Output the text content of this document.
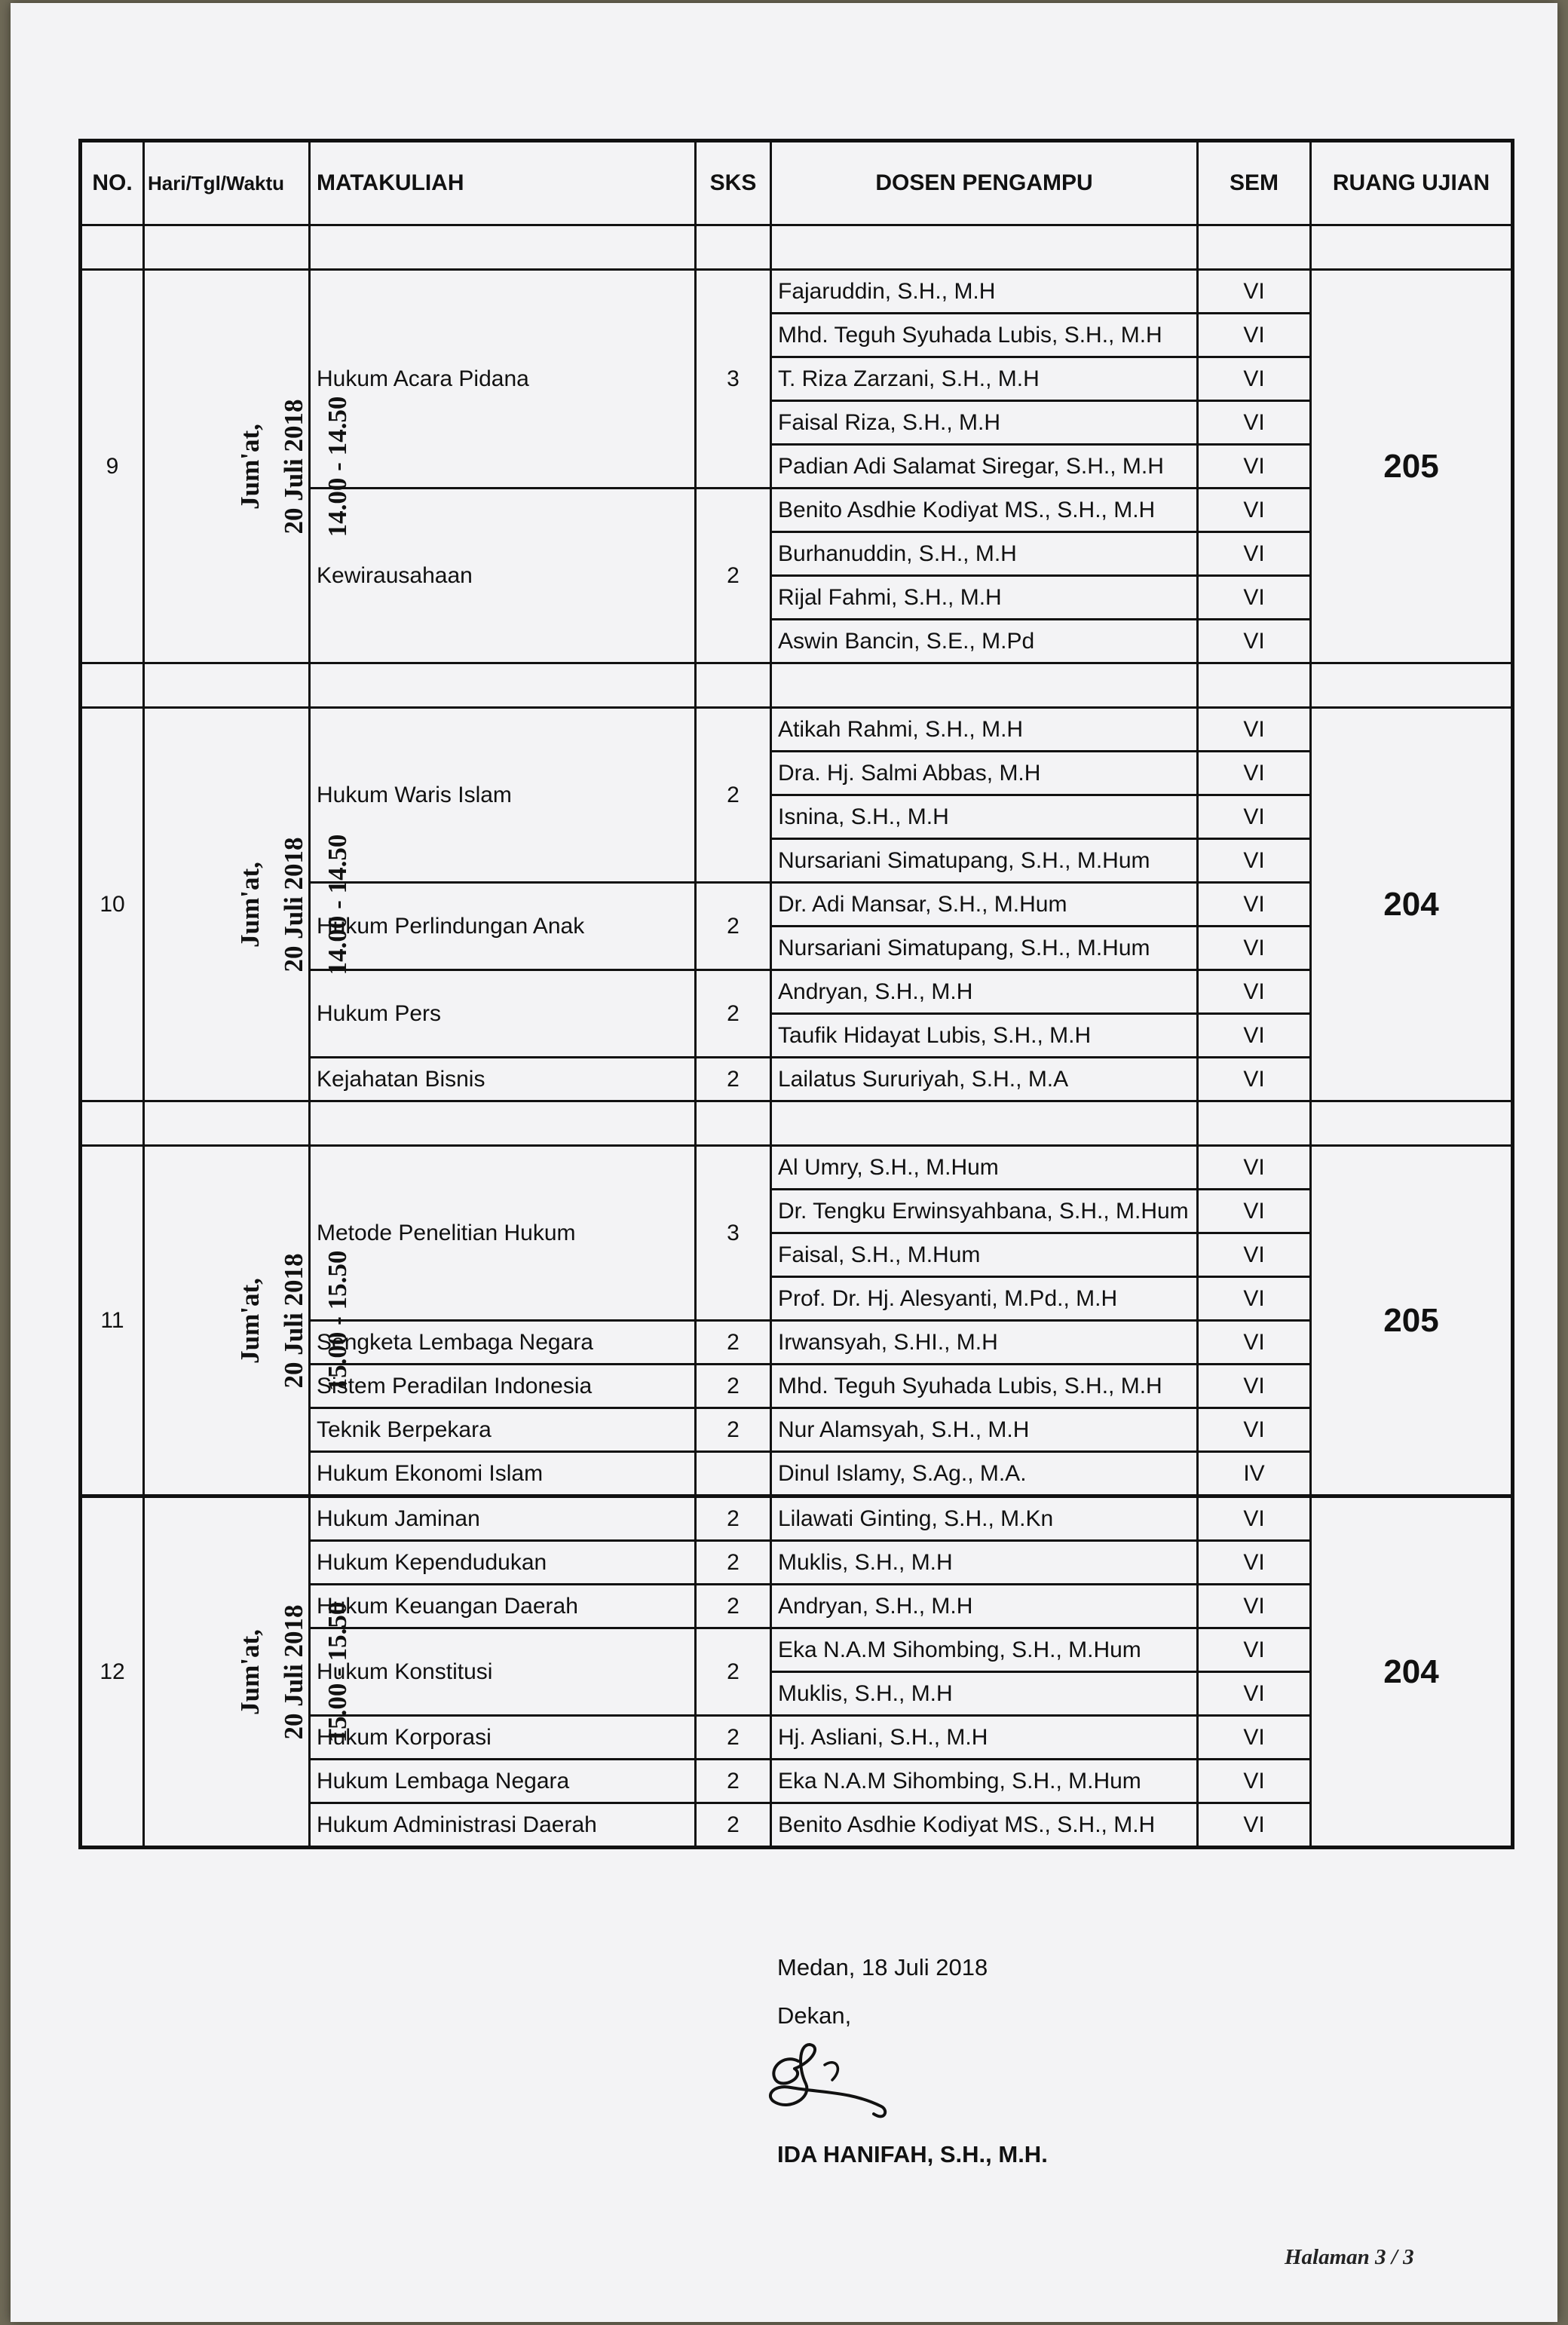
NO.	Hari/Tgl/Waktu	MATAKULIAH	SKS	DOSEN PENGAMPU	SEM	RUANG UJIAN

9	Jum'at, 20 Juli 2018 14.00 - 14.50	Hukum Acara Pidana	3	Fajaruddin, S.H., M.H	VI	205
				Mhd. Teguh Syuhada Lubis, S.H., M.H	VI	
				T. Riza Zarzani, S.H., M.H	VI	
				Faisal Riza, S.H., M.H	VI	
				Padian Adi Salamat Siregar, S.H., M.H	VI	
		Kewirausahaan	2	Benito Asdhie Kodiyat MS., S.H., M.H	VI	
				Burhanuddin, S.H., M.H	VI	
				Rijal Fahmi, S.H., M.H	VI	
				Aswin Bancin, S.E., M.Pd	VI	

10	Jum'at, 20 Juli 2018 14.00 - 14.50	Hukum Waris Islam	2	Atikah Rahmi, S.H., M.H	VI	204
				Dra. Hj. Salmi Abbas, M.H	VI	
				Isnina, S.H., M.H	VI	
				Nursariani Simatupang, S.H., M.Hum	VI	
		Hukum Perlindungan Anak	2	Dr. Adi Mansar, S.H., M.Hum	VI	
				Nursariani Simatupang, S.H., M.Hum	VI	
		Hukum Pers	2	Andryan, S.H., M.H	VI	
				Taufik Hidayat Lubis, S.H., M.H	VI	
		Kejahatan Bisnis	2	Lailatus Sururiyah, S.H., M.A	VI	

11	Jum'at, 20 Juli 2018 15.00 - 15.50	Metode Penelitian Hukum	3	Al Umry, S.H., M.Hum	VI	205
				Dr. Tengku Erwinsyahbana, S.H., M.Hum	VI	
				Faisal, S.H., M.Hum	VI	
				Prof. Dr. Hj. Alesyanti, M.Pd., M.H	VI	
		Sengketa Lembaga Negara	2	Irwansyah, S.HI., M.H	VI	
		Sistem Peradilan Indonesia	2	Mhd. Teguh Syuhada Lubis, S.H., M.H	VI	
		Teknik Berpekara	2	Nur Alamsyah, S.H., M.H	VI	
		Hukum Ekonomi Islam		Dinul Islamy, S.Ag., M.A.	IV	
12	Jum'at, 20 Juli 2018 15.00 - 15.50	Hukum Jaminan	2	Lilawati Ginting, S.H., M.Kn	VI	204
		Hukum Kependudukan	2	Muklis, S.H., M.H	VI	
		Hukum Keuangan Daerah	2	Andryan, S.H., M.H	VI	
		Hukum Konstitusi	2	Eka N.A.M Sihombing, S.H., M.Hum	VI	
				Muklis, S.H., M.H	VI	
		Hukum Korporasi	2	Hj. Asliani, S.H., M.H	VI	
		Hukum Lembaga Negara	2	Eka N.A.M Sihombing, S.H., M.Hum	VI	
		Hukum Administrasi Daerah	2	Benito Asdhie Kodiyat MS., S.H., M.H	VI	
Medan, 18 Juli 2018
Dekan,
IDA HANIFAH, S.H., M.H.
Halaman 3 / 3
